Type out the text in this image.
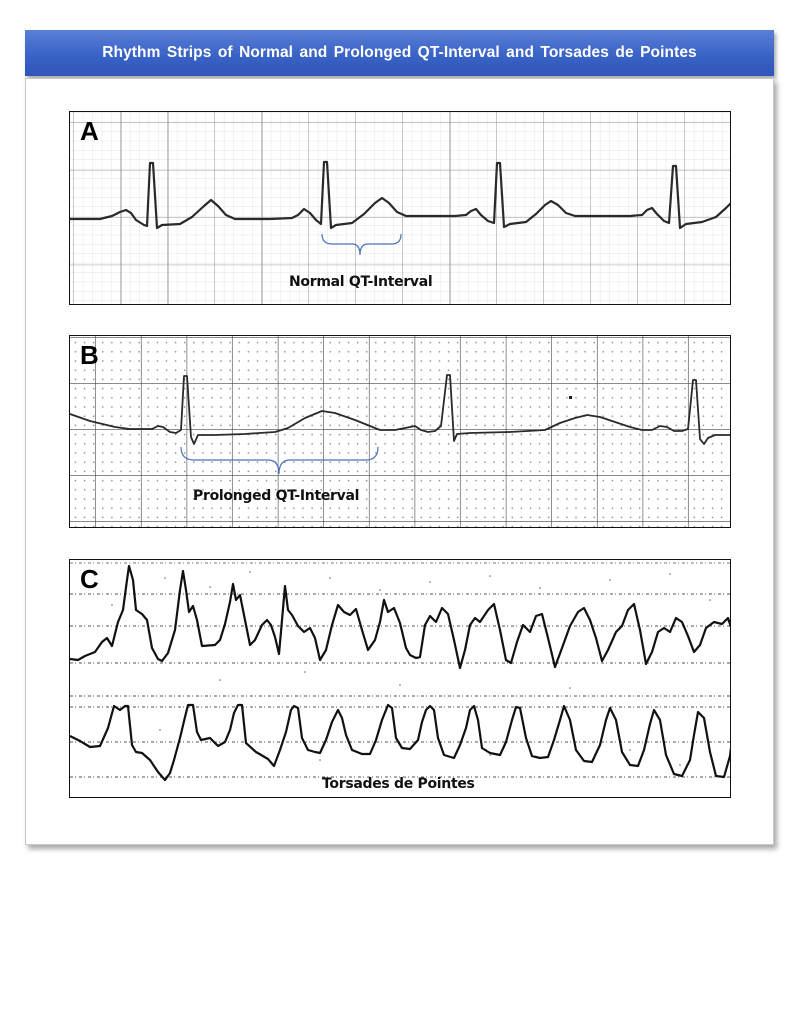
Rhythm Strips of Normal and Prolonged QT-Interval and Torsades de Pointes
A
Normal QT-Interval
B
Prolonged QT-Interval
C
Torsades de Pointes
